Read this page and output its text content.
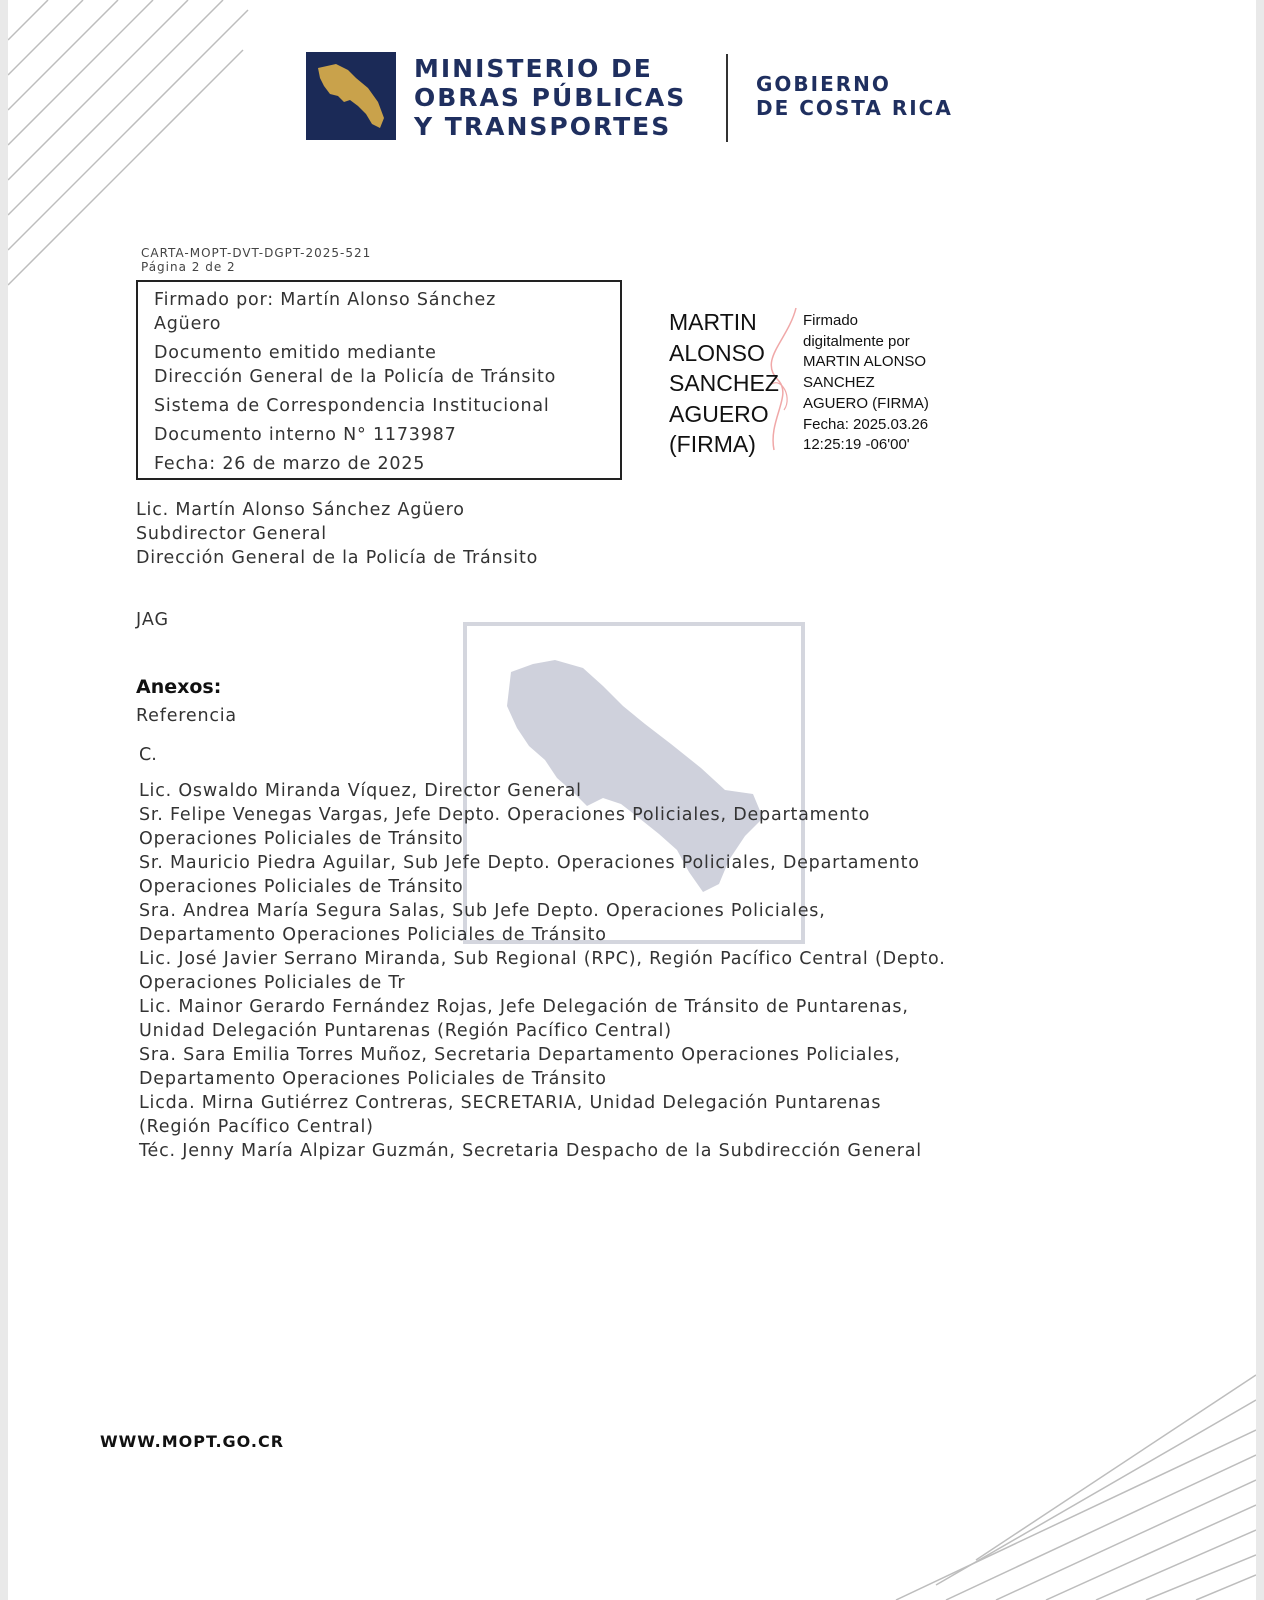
MINISTERIO DE
OBRAS PÚBLICAS
Y TRANSPORTES
GOBIERNO
DE COSTA RICA
CARTA-MOPT-DVT-DGPT-2025-521
Página 2 de 2
Firmado por: Martín Alonso Sánchez
Agüero
Documento emitido mediante
Dirección General de la Policía de Tránsito
Sistema de Correspondencia Institucional
Documento interno N° 1173987
Fecha: 26 de marzo de 2025
MARTIN
ALONSO
SANCHEZ
AGUERO
(FIRMA)
Firmado
digitalmente por
MARTIN ALONSO
SANCHEZ
AGUERO (FIRMA)
Fecha: 2025.03.26
12:25:19 -06'00'
Lic. Martín Alonso Sánchez Agüero
Subdirector General
Dirección General de la Policía de Tránsito
JAG
Anexos:
Referencia
C.
Lic. Oswaldo Miranda Víquez, Director General
Sr. Felipe Venegas Vargas, Jefe Depto. Operaciones Policiales, Departamento
Operaciones Policiales de Tránsito
Sr. Mauricio Piedra Aguilar, Sub Jefe Depto. Operaciones Policiales, Departamento
Operaciones Policiales de Tránsito
Sra. Andrea María Segura Salas, Sub Jefe Depto. Operaciones Policiales,
Departamento Operaciones Policiales de Tránsito
Lic. José Javier Serrano Miranda, Sub Regional (RPC), Región Pacífico Central (Depto.
Operaciones Policiales de Tr
Lic. Mainor Gerardo Fernández Rojas, Jefe Delegación de Tránsito de Puntarenas,
Unidad Delegación Puntarenas (Región Pacífico Central)
Sra. Sara Emilia Torres Muñoz, Secretaria Departamento Operaciones Policiales,
Departamento Operaciones Policiales de Tránsito
Licda. Mirna Gutiérrez Contreras, SECRETARIA, Unidad Delegación Puntarenas
(Región Pacífico Central)
Téc. Jenny María Alpizar Guzmán, Secretaria Despacho de la Subdirección General
WWW.MOPT.GO.CR
